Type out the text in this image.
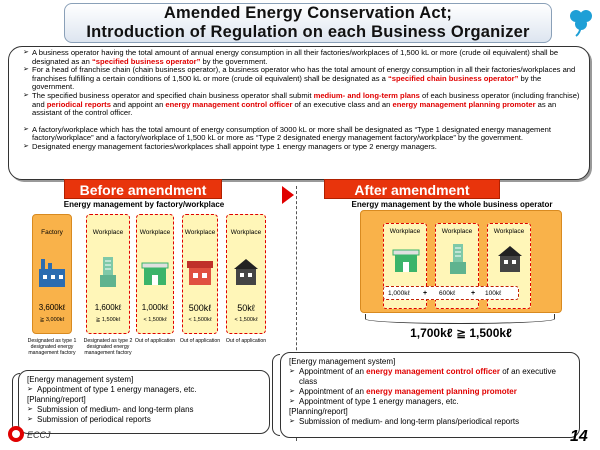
Amended Energy Conservation Act;
Introduction of Regulation on each Business Organizer
➢ A business operator having the total amount of annual energy consumption in all their factories/workplaces of 1,500 kL or more (crude oil equivalent) shall be designated as an “specified business operator” by the government.
➢ For a head of franchise chain (chain business operator), a business operator who has the total amount of energy consumption in all their factories/workplaces and franchises fulfilling a certain conditions of 1,500 kL or more (crude oil equivalent) shall be designated as a “specified chain business operator” by the government.
➢ The specified business operator and specified chain business operator shall submit medium- and long-term plans of each business operator (including franchise) and periodical reports and appoint an energy management control officer of an executive class and an energy management planning promoter as an assistant of the control officer.
➢ A factory/workplace which has the total amount of energy consumption of 3000 kL or more shall be designated as “Type 1 designated energy management factory/workplace” and a factory/workplace of 1,500 kL or more as “Type 2 designated energy management factory/workplace” by the government.
➢ Designated energy management factories/workplaces shall appoint type 1 energy managers or type 2 energy managers.
Before amendment
Energy management by factory/workplace
Factory
3,600kℓ
≧ 3,000kℓ
Designated as type 1 designated energy management factory
Workplace
1,600kℓ
≧ 1,500kℓ
Designated as type 2 designated energy management factory
Workplace
1,000kℓ
< 1,500kℓ
Out of application
Workplace
500kℓ
< 1,500kℓ
Out of application
Workplace
50kℓ
< 1,500kℓ
Out of application
After amendment
Energy management by the whole business operator
Workplace	Workplace	Workplace
1,000kℓ + 600kℓ + 100kℓ
1,700kℓ ≧ 1,500kℓ
[Energy management system]
➢ Appointment of type 1 energy managers, etc.
[Planning/report]
➢ Submission of medium- and long-term plans
➢ Submission of periodical reports
[Energy management system]
➢ Appointment of an energy management control officer of an executive class
➢ Appointment of an energy management planning promoter
➢ Appointment of type 1 energy managers, etc.
[Planning/report]
➢ Submission of medium- and long-term plans/periodical reports
ECCJ	14
